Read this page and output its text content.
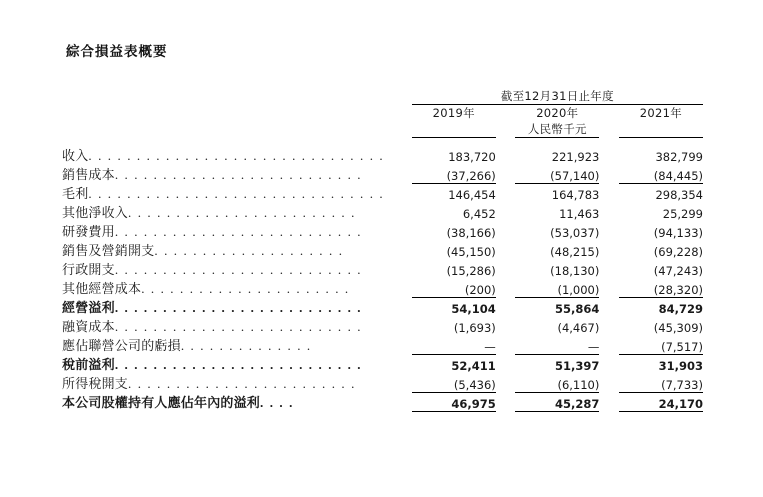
綜合損益表概要
		截至12月31日止年度				
		2019年		2020年		2021年
				人民幣千元		

收入. . . . . . . . . . . . . . . . . . . . . . . . . . . . . . .		183,720		221,923		382,799
銷售成本. . . . . . . . . . . . . . . . . . . . . . . . . .		(37,266)		(57,140)		(84,445)
毛利. . . . . . . . . . . . . . . . . . . . . . . . . . . . . . .		146,454		164,783		298,354
其他淨收入. . . . . . . . . . . . . . . . . . . . . . . .		6,452		11,463		25,299
研發費用. . . . . . . . . . . . . . . . . . . . . . . . . .		(38,166)		(53,037)		(94,133)
銷售及營銷開支. . . . . . . . . . . . . . . . . . . .		(45,150)		(48,215)		(69,228)
行政開支. . . . . . . . . . . . . . . . . . . . . . . . . .		(15,286)		(18,130)		(47,243)
其他經營成本. . . . . . . . . . . . . . . . . . . . . .		(200)		(1,000)		(28,320)
經營溢利. . . . . . . . . . . . . . . . . . . . . . . . . .		54,104		55,864		84,729
融資成本. . . . . . . . . . . . . . . . . . . . . . . . . .		(1,693)		(4,467)		(45,309)
應佔聯營公司的虧損. . . . . . . . . . . . . .		—		—		(7,517)
稅前溢利. . . . . . . . . . . . . . . . . . . . . . . . . .		52,411		51,397		31,903
所得稅開支. . . . . . . . . . . . . . . . . . . . . . . .		(5,436)		(6,110)		(7,733)
本公司股權持有人應佔年內的溢利. . . .		46,975		45,287		24,170
